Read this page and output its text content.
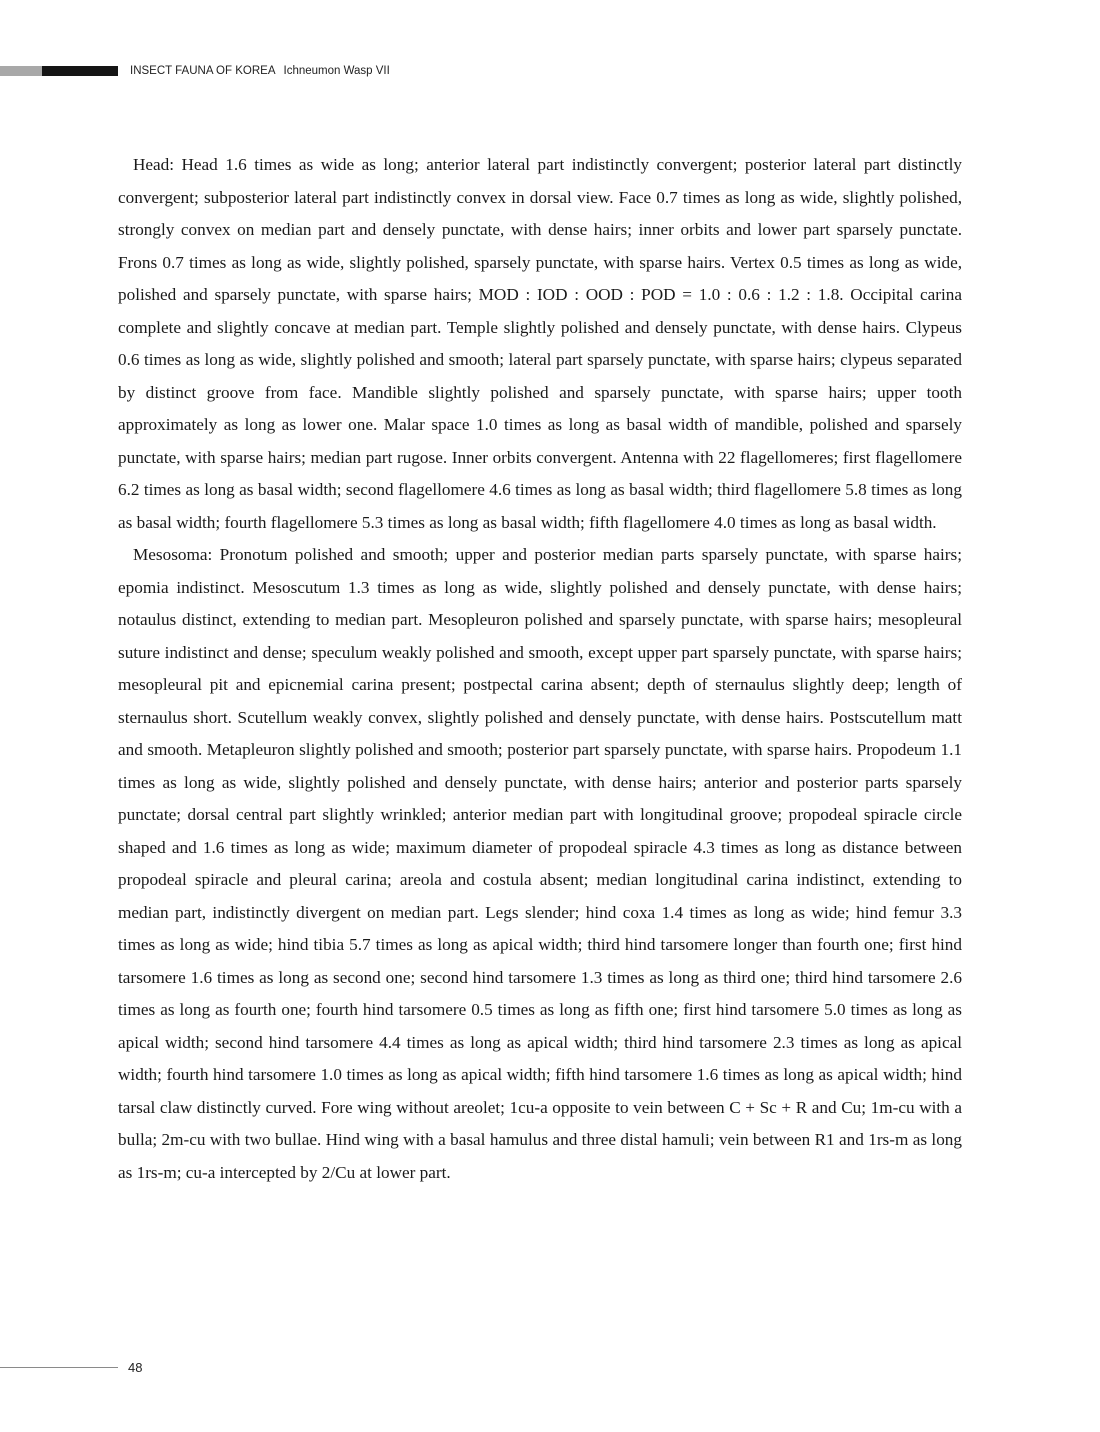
INSECT FAUNA OF KOREA Ichneumon Wasp VII

Head: Head 1.6 times as wide as long; anterior lateral part indistinctly convergent; posterior lateral part distinctly convergent; subposterior lateral part indistinctly convex in dorsal view. Face 0.7 times as long as wide, slightly polished, strongly convex on median part and densely punctate, with dense hairs; inner orbits and lower part sparsely punctate. Frons 0.7 times as long as wide, slightly polished, sparsely punctate, with sparse hairs. Vertex 0.5 times as long as wide, polished and sparsely punctate, with sparse hairs; MOD : IOD : OOD : POD = 1.0 : 0.6 : 1.2 : 1.8. Occipital carina complete and slightly concave at median part. Temple slightly polished and densely punctate, with dense hairs. Clypeus 0.6 times as long as wide, slightly polished and smooth; lateral part sparsely punctate, with sparse hairs; clypeus separated by distinct groove from face. Mandible slightly polished and sparsely punctate, with sparse hairs; upper tooth approximately as long as lower one. Malar space 1.0 times as long as basal width of mandible, polished and sparsely punctate, with sparse hairs; median part rugose. Inner orbits convergent. Antenna with 22 flagellomeres; first flagellomere 6.2 times as long as basal width; second flagellomere 4.6 times as long as basal width; third flagellomere 5.8 times as long as basal width; fourth flagellomere 5.3 times as long as basal width; fifth flagellomere 4.0 times as long as basal width.

Mesosoma: Pronotum polished and smooth; upper and posterior median parts sparsely punctate, with sparse hairs; epomia indistinct. Mesoscutum 1.3 times as long as wide, slightly polished and densely punctate, with dense hairs; notaulus distinct, extending to median part. Mesopleuron polished and sparsely punctate, with sparse hairs; mesopleural suture indistinct and dense; speculum weakly polished and smooth, except upper part sparsely punctate, with sparse hairs; mesopleural pit and epicnemial carina present; postpectal carina absent; depth of sternaulus slightly deep; length of sternaulus short. Scutellum weakly convex, slightly polished and densely punctate, with dense hairs. Postscutellum matt and smooth. Metapleuron slightly polished and smooth; posterior part sparsely punctate, with sparse hairs. Propodeum 1.1 times as long as wide, slightly polished and densely punctate, with dense hairs; anterior and posterior parts sparsely punctate; dorsal central part slightly wrinkled; anterior median part with longitudinal groove; propodeal spiracle circle shaped and 1.6 times as long as wide; maximum diameter of propodeal spiracle 4.3 times as long as distance between propodeal spiracle and pleural carina; areola and costula absent; median longitudinal carina indistinct, extending to median part, indistinctly divergent on median part. Legs slender; hind coxa 1.4 times as long as wide; hind femur 3.3 times as long as wide; hind tibia 5.7 times as long as apical width; third hind tarsomere longer than fourth one; first hind tarsomere 1.6 times as long as second one; second hind tarsomere 1.3 times as long as third one; third hind tarsomere 2.6 times as long as fourth one; fourth hind tarsomere 0.5 times as long as fifth one; first hind tarsomere 5.0 times as long as apical width; second hind tarsomere 4.4 times as long as apical width; third hind tarsomere 2.3 times as long as apical width; fourth hind tarsomere 1.0 times as long as apical width; fifth hind tarsomere 1.6 times as long as apical width; hind tarsal claw distinctly curved. Fore wing without areolet; 1cu-a opposite to vein between C + Sc + R and Cu; 1m-cu with a bulla; 2m-cu with two bullae. Hind wing with a basal hamulus and three distal hamuli; vein between R1 and 1rs-m as long as 1rs-m; cu-a intercepted by 2/Cu at lower part.

48
